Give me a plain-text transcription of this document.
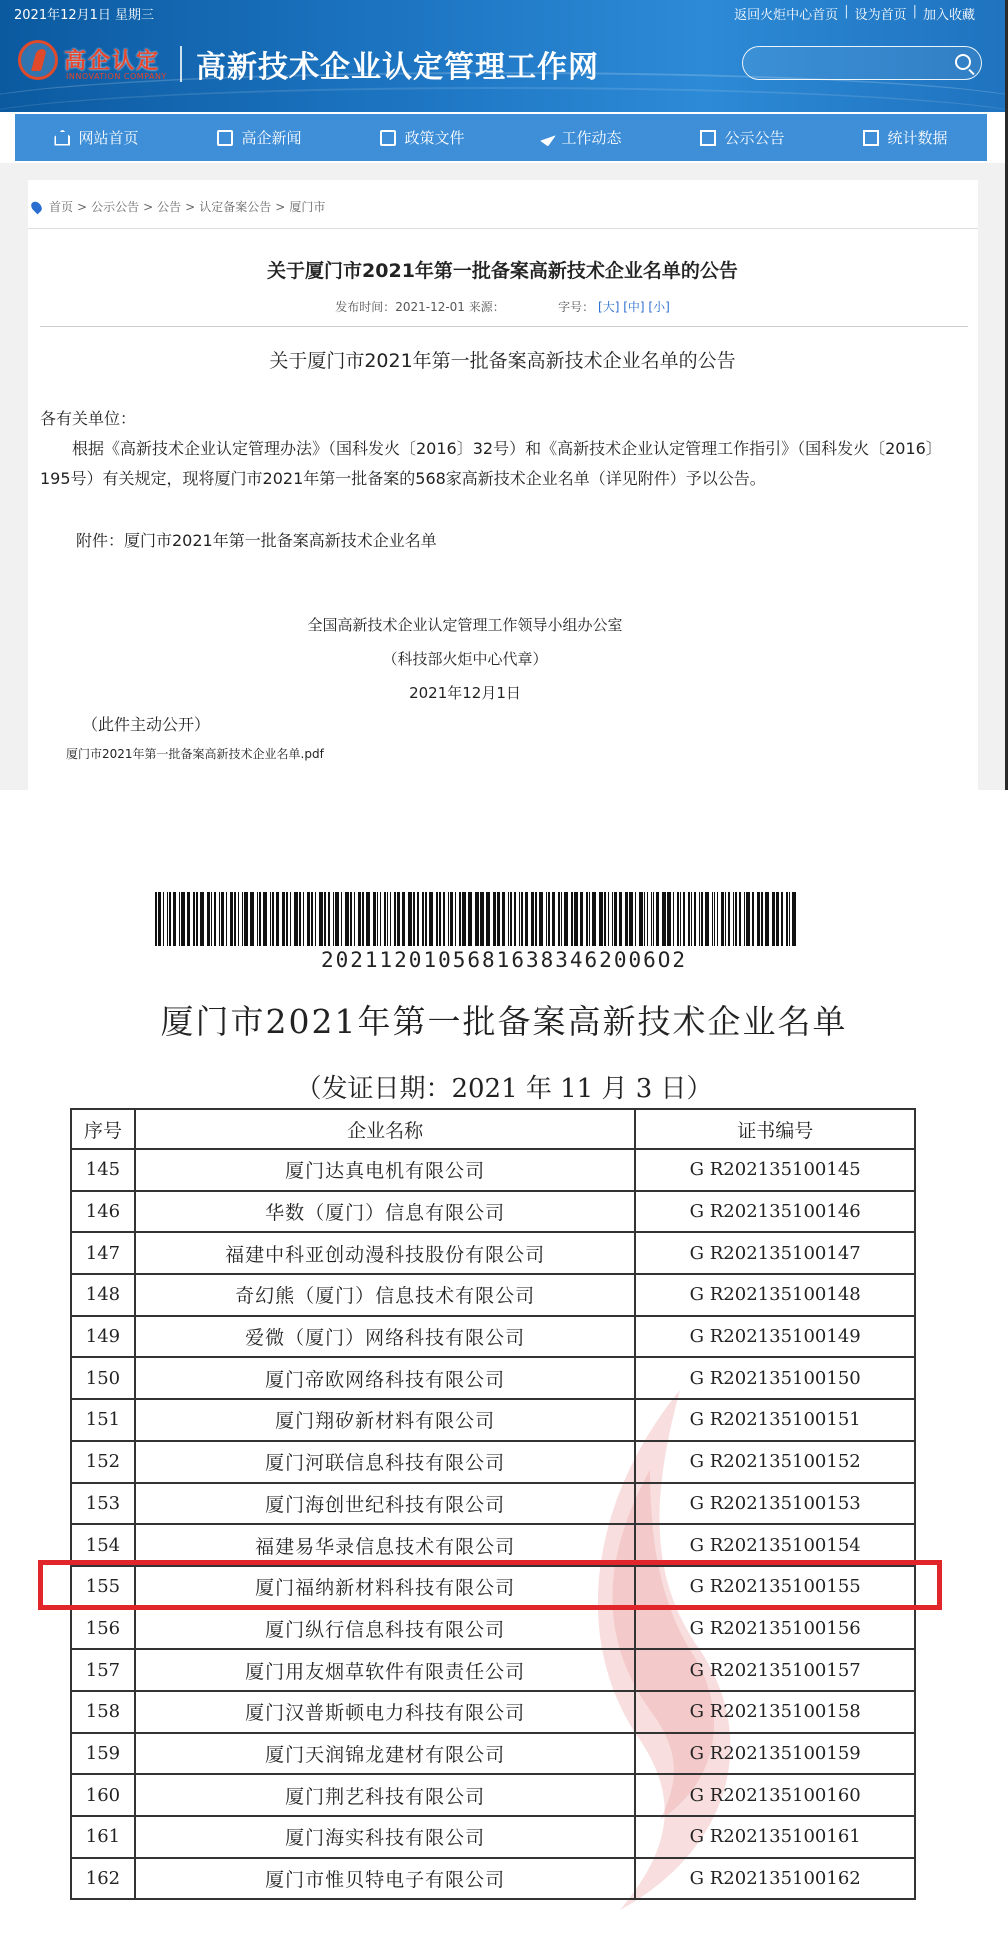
2021年12月1日 星期三	返回火炬中心首页 | 设为首页 | 加入收藏
高企认定
INNOVATION COMPANY 高新技术企业认定管理工作网
网站首页	高企新闻	政策文件	工作动态	公示公告	统计数据
首页 > 公示公告 > 公告 > 认定备案公告 > 厦门市
关于厦门市2021年第一批备案高新技术企业名单的公告
发布时间：2021-12-01 来源：	字号： [大] [中] [小]
关于厦门市2021年第一批备案高新技术企业名单的公告
各有关单位：
根据《高新技术企业认定管理办法》（国科发火〔2016〕32号）和《高新技术企业认定管理工作指引》（国科发火〔2016〕195号）有关规定，现将厦门市2021年第一批备案的568家高新技术企业名单（详见附件）予以公告。
附件：厦门市2021年第一批备案高新技术企业名单
全国高新技术企业认定管理工作领导小组办公室
（科技部火炬中心代章）
2021年12月1日
（此件主动公开）
厦门市2021年第一批备案高新技术企业名单.pdf
20211201056816383462006O2
厦门市2021年第一批备案高新技术企业名单
（发证日期：2021 年 11 月 3 日）
序号	企业名称	证书编号
145	厦门达真电机有限公司	G R202135100145
146	华数（厦门）信息有限公司	G R202135100146
147	福建中科亚创动漫科技股份有限公司	G R202135100147
148	奇幻熊（厦门）信息技术有限公司	G R202135100148
149	爱微（厦门）网络科技有限公司	G R202135100149
150	厦门帝欧网络科技有限公司	G R202135100150
151	厦门翔矽新材料有限公司	G R202135100151
152	厦门河联信息科技有限公司	G R202135100152
153	厦门海创世纪科技有限公司	G R202135100153
154	福建易华录信息技术有限公司	G R202135100154
155	厦门福纳新材料科技有限公司	G R202135100155
156	厦门纵行信息科技有限公司	G R202135100156
157	厦门用友烟草软件有限责任公司	G R202135100157
158	厦门汉普斯顿电力科技有限公司	G R202135100158
159	厦门天润锦龙建材有限公司	G R202135100159
160	厦门荆艺科技有限公司	G R202135100160
161	厦门海实科技有限公司	G R202135100161
162	厦门市惟贝特电子有限公司	G R202135100162
